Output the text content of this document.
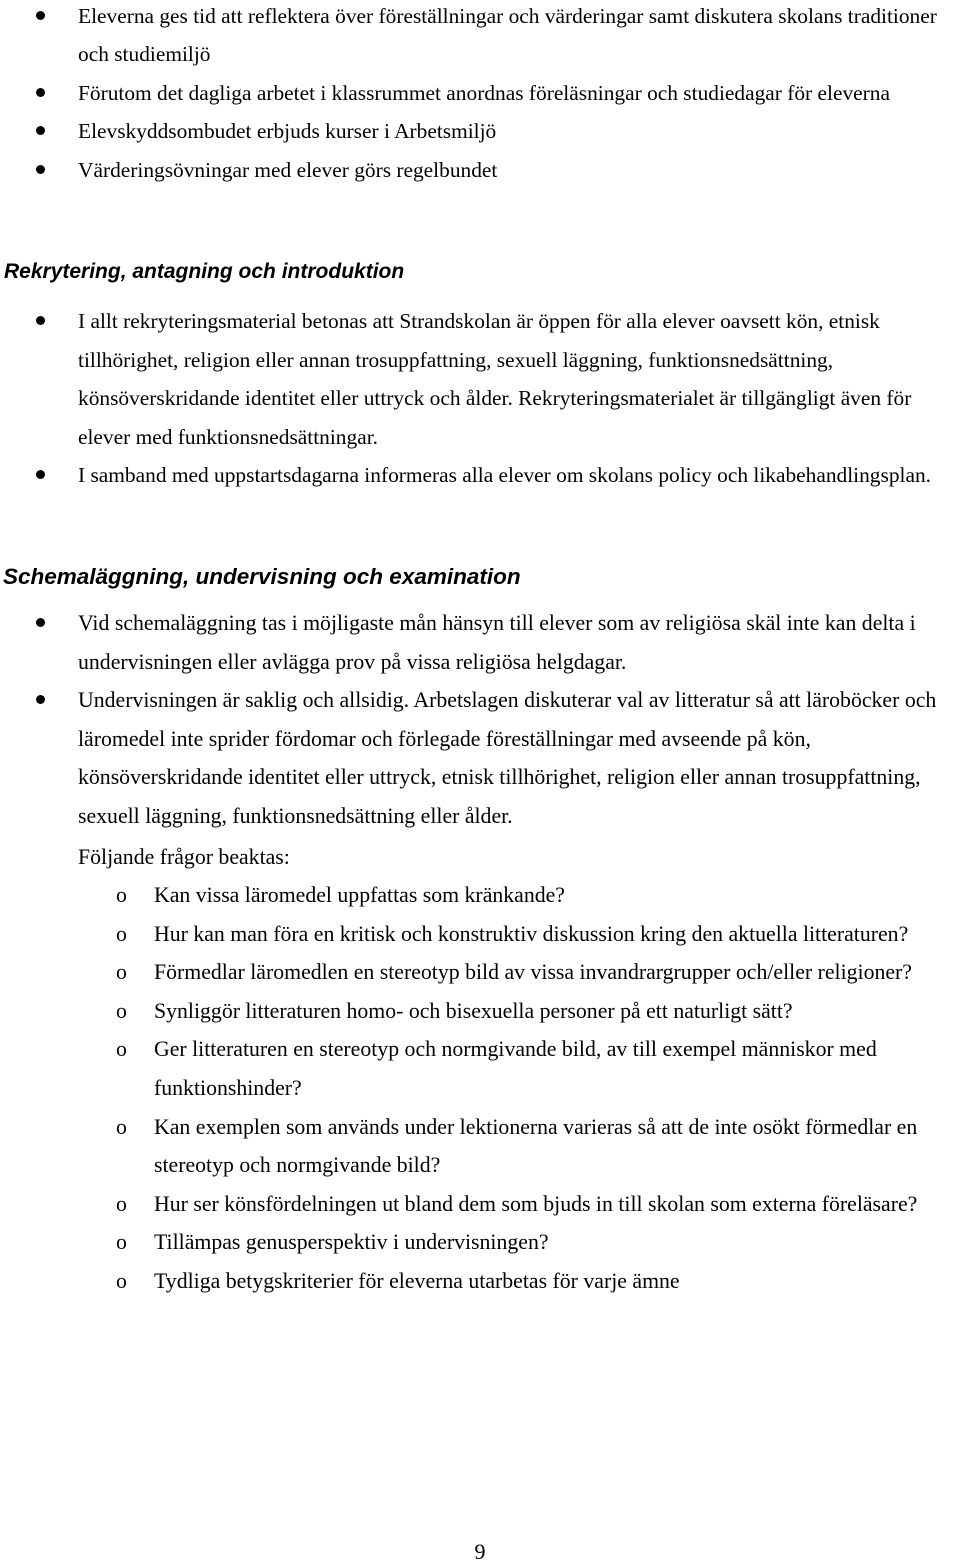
Eleverna ges tid att reflektera över föreställningar och värderingar samt diskutera skolans traditioner och studiemiljö
Förutom det dagliga arbetet i klassrummet anordnas föreläsningar och studiedagar för eleverna
Elevskyddsombudet erbjuds kurser i Arbetsmiljö
Värderingsövningar med elever görs regelbundet
Rekrytering, antagning och introduktion
I allt rekryteringsmaterial betonas att Strandskolan är öppen för alla elever oavsett kön, etnisk tillhörighet, religion eller annan trosuppfattning, sexuell läggning, funktionsnedsättning, könsöverskridande identitet eller uttryck och ålder. Rekryteringsmaterialet är tillgängligt även för elever med funktionsnedsättningar.
I samband med uppstartsdagarna informeras alla elever om skolans policy och likabehandlingsplan.
Schemaläggning, undervisning och examination
Vid schemaläggning tas i möjligaste mån hänsyn till elever som av religiösa skäl inte kan delta i undervisningen eller avlägga prov på vissa religiösa helgdagar.
Undervisningen är saklig och allsidig. Arbetslagen diskuterar val av litteratur så att läroböcker och läromedel inte sprider fördomar och förlegade föreställningar med avseende på kön, könsöverskridande identitet eller uttryck, etnisk tillhörighet, religion eller annan trosuppfattning, sexuell läggning, funktionsnedsättning eller ålder.
Följande frågor beaktas:
o	Kan vissa läromedel uppfattas som kränkande?
o	Hur kan man föra en kritisk och konstruktiv diskussion kring den aktuella litteraturen?
o	Förmedlar läromedlen en stereotyp bild av vissa invandrargrupper och/eller religioner?
o	Synliggör litteraturen homo- och bisexuella personer på ett naturligt sätt?
o	Ger litteraturen en stereotyp och normgivande bild, av till exempel människor med funktionshinder?
o	Kan exemplen som används under lektionerna varieras så att de inte osökt förmedlar en stereotyp och normgivande bild?
o	Hur ser könsfördelningen ut bland dem som bjuds in till skolan som externa föreläsare?
o	Tillämpas genusperspektiv i undervisningen?
o	Tydliga betygskriterier för eleverna utarbetas för varje ämne
9
